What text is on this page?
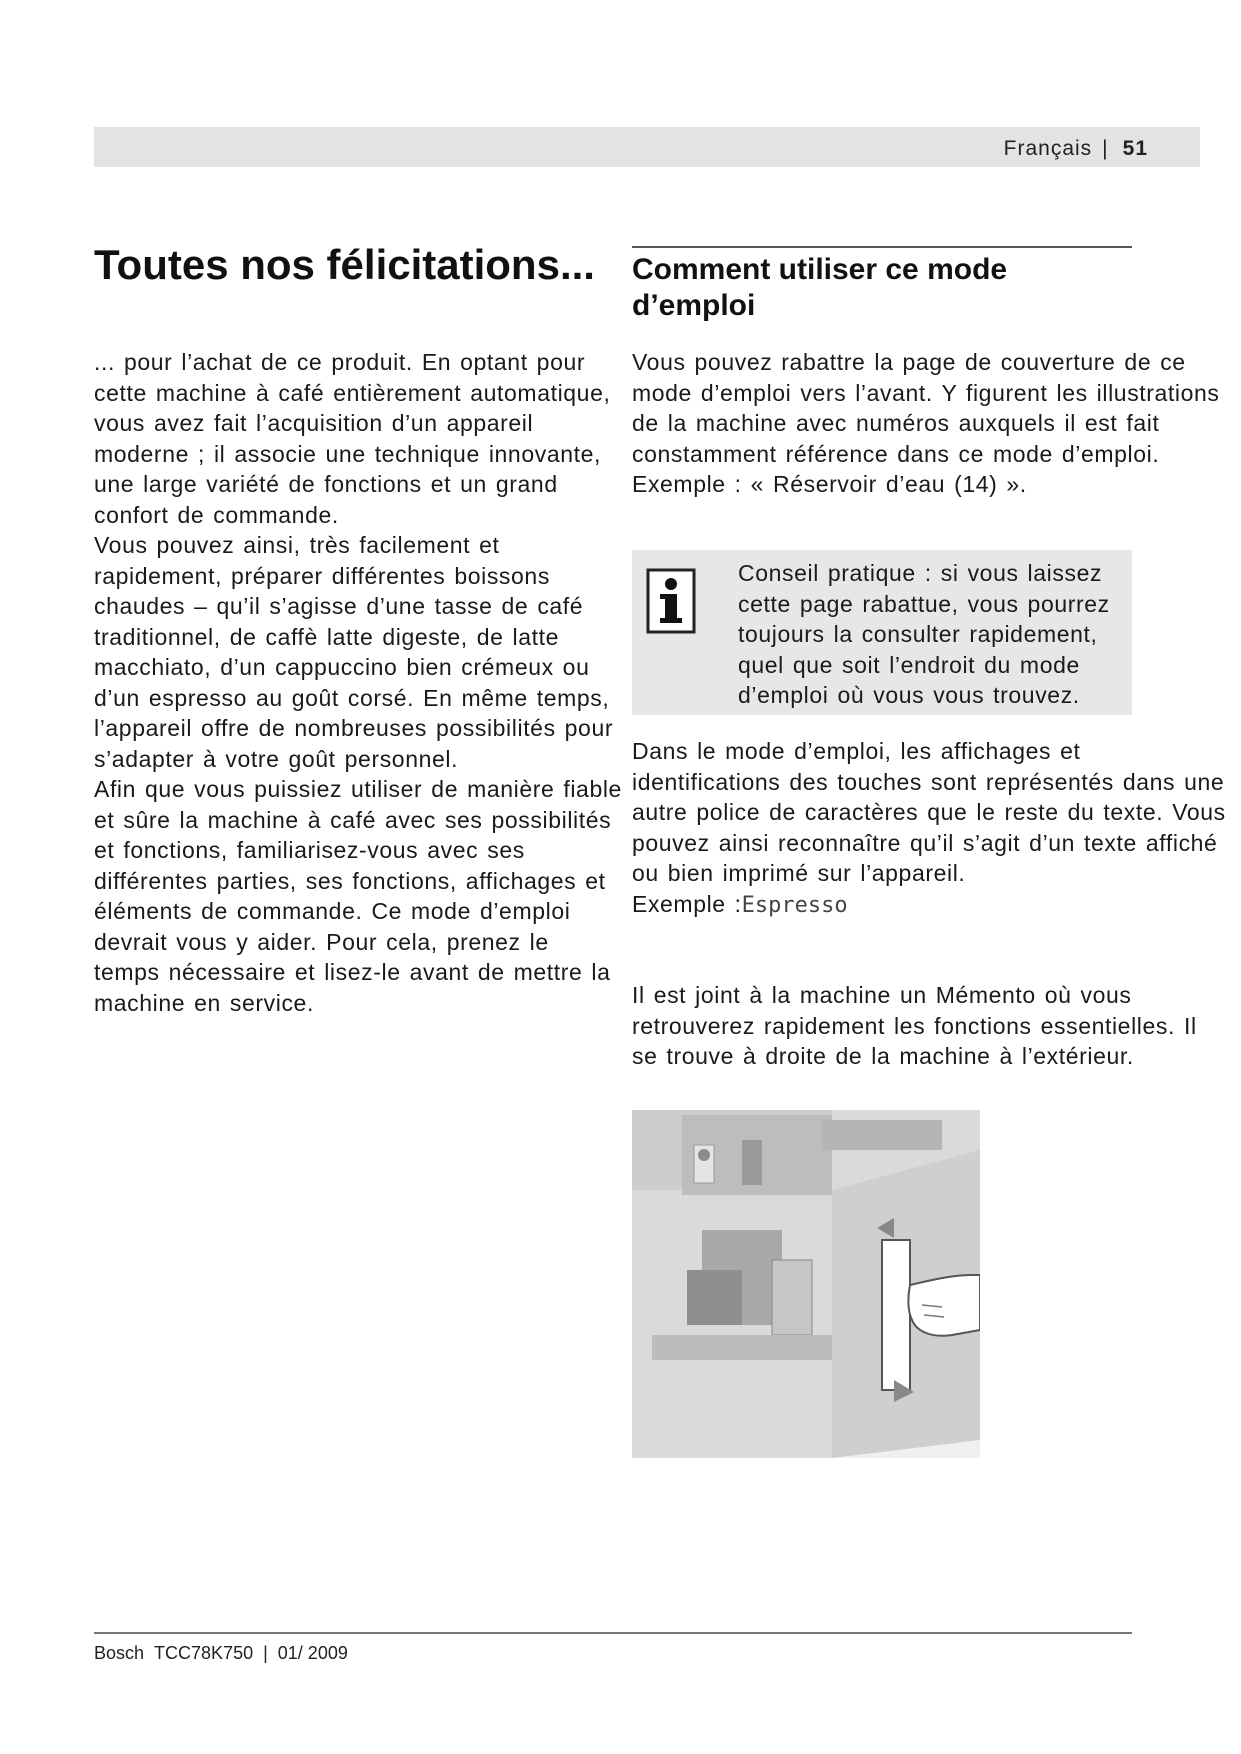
Français | 51
Toutes nos félicitations...

... pour l’achat de ce produit. En optant pour cette machine à café entièrement automatique, vous avez fait l’acquisition d’un appareil moderne ; il associe une technique innovante, une large variété de fonctions et un grand confort de commande.

Vous pouvez ainsi, très facilement et rapidement, préparer différentes boissons chaudes – qu’il s’agisse d’une tasse de café traditionnel, de caffè latte digeste, de latte macchiato, d’un cappuccino bien crémeux ou d’un espresso au goût corsé. En même temps, l’appareil offre de nombreuses possibilités pour s’adapter à votre goût personnel.

Afin que vous puissiez utiliser de manière fiable et sûre la machine à café avec ses possibilités et fonctions, familiarisez-vous avec ses différentes parties, ses fonctions, affichages et éléments de commande. Ce mode d’emploi devrait vous y aider. Pour cela, prenez le temps nécessaire et lisez-le avant de mettre la machine en service.

Comment utiliser ce mode d’emploi

Vous pouvez rabattre la page de couverture de ce mode d’emploi vers l’avant. Y figurent les illustrations de la machine avec numéros auxquels il est fait constamment référence dans ce mode d’emploi. Exemple : « Réservoir d’eau (14) ».

Conseil pratique : si vous laissez cette page rabattue, vous pourrez toujours la consulter rapidement, quel que soit l’endroit du mode d’emploi où vous vous trouvez.

Dans le mode d’emploi, les affichages et identifications des touches sont représentés dans une autre police de caractères que le reste du texte. Vous pouvez ainsi reconnaître qu’il s’agit d’un texte affiché ou bien imprimé sur l’appareil.

Exemple :Espresso

Il est joint à la machine un Mémento où vous retrouverez rapidement les fonctions essentielles. Il se trouve à droite de la machine à l’extérieur.

Bosch TCC78K750 | 01/ 2009
